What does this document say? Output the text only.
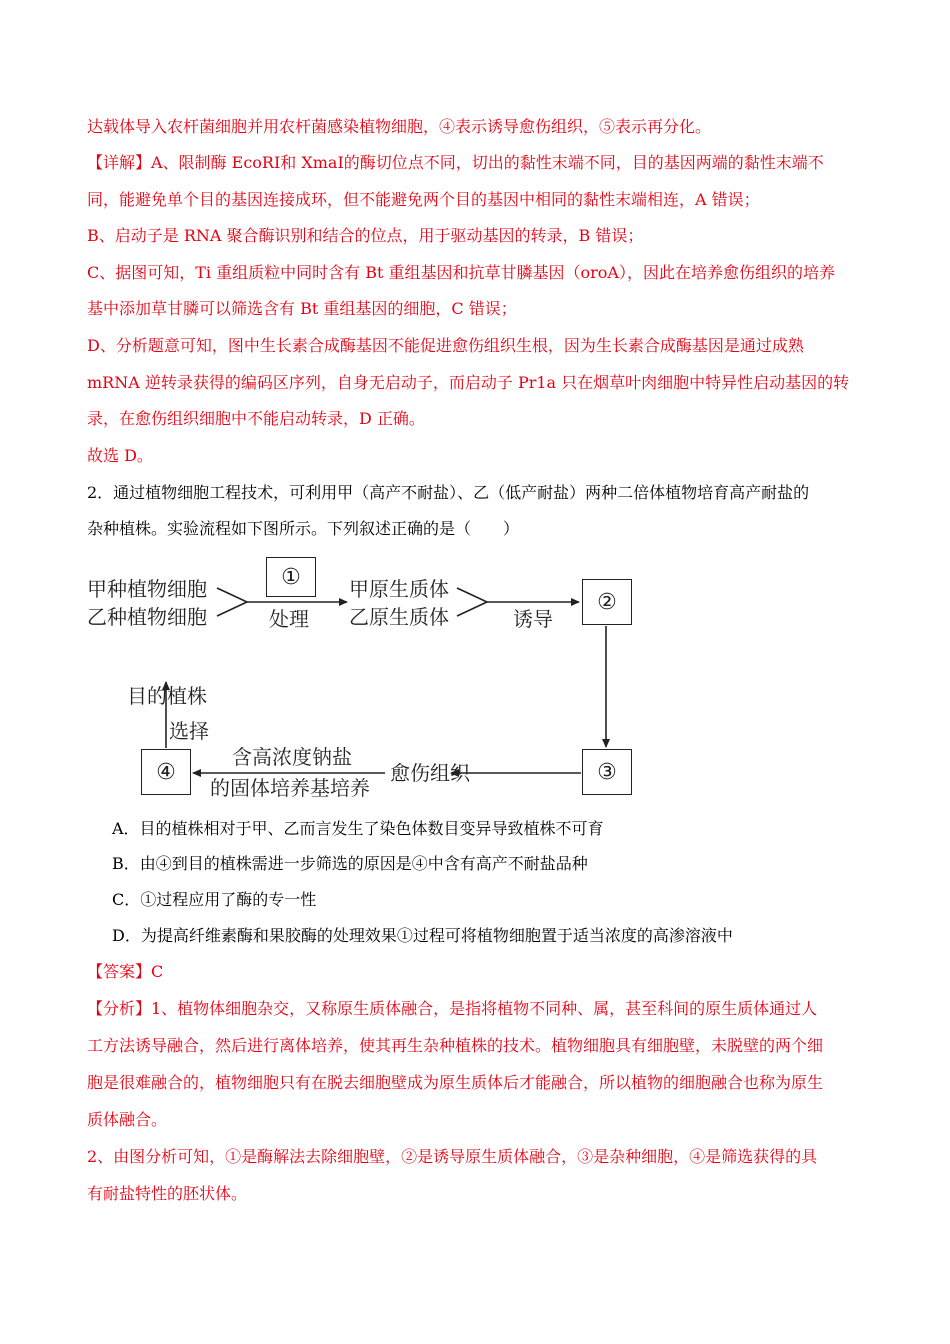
达载体导入农杆菌细胞并用农杆菌感染植物细胞，④表示诱导愈伤组织，⑤表示再分化。
【详解】A、限制酶 EcoRⅠ和 XmaⅠ的酶切位点不同，切出的黏性末端不同，目的基因两端的黏性末端不
同，能避免单个目的基因连接成环，但不能避免两个目的基因中相同的黏性末端相连，A 错误；
B、启动子是 RNA 聚合酶识别和结合的位点，用于驱动基因的转录，B 错误；
C、据图可知，Ti 重组质粒中同时含有 Bt 重组基因和抗草甘膦基因（oroA），因此在培养愈伤组织的培养
基中添加草甘膦可以筛选含有 Bt 重组基因的细胞，C 错误；
D、分析题意可知，图中生长素合成酶基因不能促进愈伤组织生根，因为生长素合成酶基因是通过成熟
mRNA 逆转录获得的编码区序列，自身无启动子，而启动子 Pr1a 只在烟草叶肉细胞中特异性启动基因的转
录，在愈伤组织细胞中不能启动转录，D 正确。
故选 D。
2．通过植物细胞工程技术，可利用甲（高产不耐盐）、乙（低产耐盐）两种二倍体植物培育高产耐盐的
杂种植株。实验流程如下图所示。下列叙述正确的是（　　）
甲种植物细胞
乙种植物细胞
①
处理
甲原生质体
乙原生质体	诱导
②
③
愈伤组织
含高浓度钠盐
的固体培养基培养
④
选择
目的植株
A．目的植株相对于甲、乙而言发生了染色体数目变异导致植株不可育
B．由④到目的植株需进一步筛选的原因是④中含有高产不耐盐品种
C．①过程应用了酶的专一性
D．为提高纤维素酶和果胶酶的处理效果①过程可将植物细胞置于适当浓度的高渗溶液中
【答案】C
【分析】1、植物体细胞杂交，又称原生质体融合，是指将植物不同种、属，甚至科间的原生质体通过人
工方法诱导融合，然后进行离体培养，使其再生杂种植株的技术。植物细胞具有细胞壁，未脱壁的两个细
胞是很难融合的，植物细胞只有在脱去细胞壁成为原生质体后才能融合，所以植物的细胞融合也称为原生
质体融合。
2、由图分析可知，①是酶解法去除细胞壁，②是诱导原生质体融合，③是杂种细胞，④是筛选获得的具
有耐盐特性的胚状体。
